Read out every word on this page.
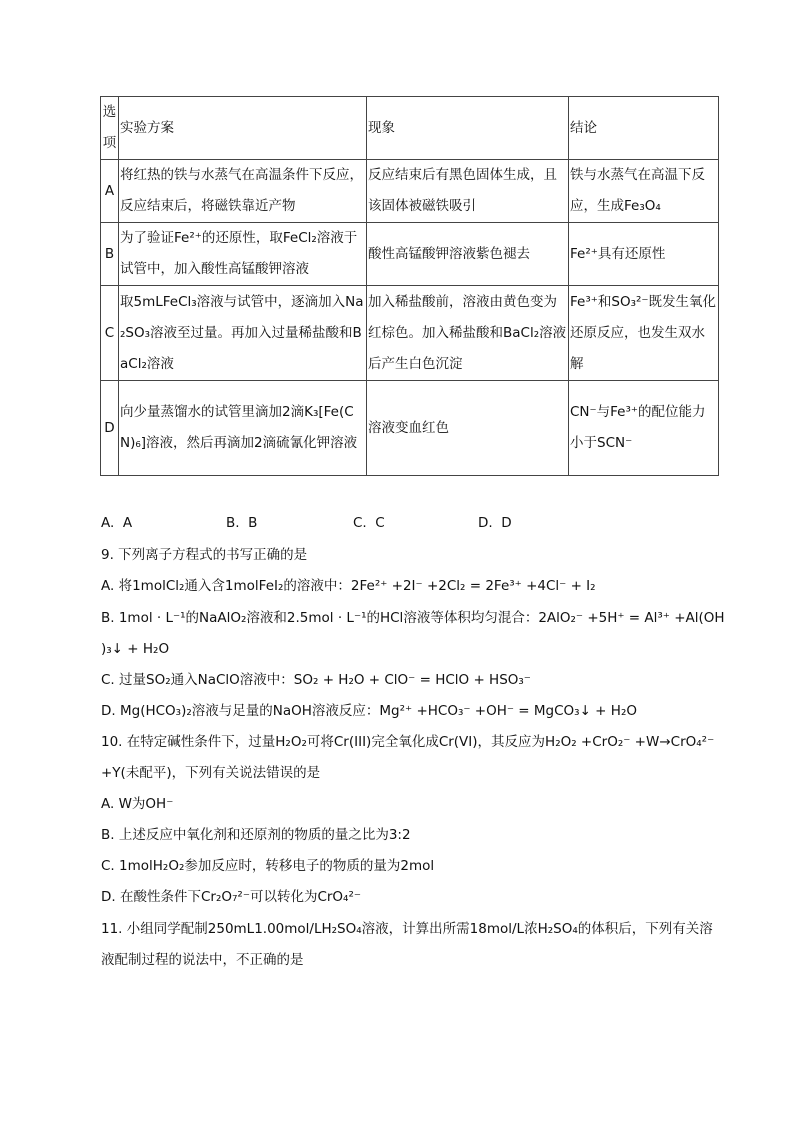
选项	实验方案	现象	结论
A	将红热的铁与水蒸气在高温条件下反应，反应结束后，将磁铁靠近产物	反应结束后有黑色固体生成，且该固体被磁铁吸引	铁与水蒸气在高温下反应，生成Fe₃O₄
B	为了验证Fe²⁺的还原性，取FeCl₂溶液于试管中，加入酸性高锰酸钾溶液	酸性高锰酸钾溶液紫色褪去	Fe²⁺具有还原性
C	取5mLFeCl₃溶液与试管中，逐滴加入Na₂SO₃溶液至过量。再加入过量稀盐酸和BaCl₂溶液	加入稀盐酸前，溶液由黄色变为红棕色。加入稀盐酸和BaCl₂溶液后产生白色沉淀	Fe³⁺和SO₃²⁻既发生氧化还原反应，也发生双水解
D	向少量蒸馏水的试管里滴加2滴K₃[Fe(CN)₆]溶液，然后再滴加2滴硫氰化钾溶液	溶液变血红色	CN⁻与Fe³⁺的配位能力小于SCN⁻
A.  A	B.  B	C.  C	D.  D
9. 下列离子方程式的书写正确的是
A. 将1molCl₂通入含1molFeI₂的溶液中：2Fe²⁺ +2I⁻ +2Cl₂ = 2Fe³⁺ +4Cl⁻ + I₂
B. 1mol · L⁻¹的NaAlO₂溶液和2.5mol · L⁻¹的HCl溶液等体积均匀混合：2AlO₂⁻ +5H⁺ = Al³⁺ +Al(OH
)₃↓ + H₂O
C. 过量SO₂通入NaClO溶液中：SO₂ + H₂O + ClO⁻ = HClO + HSO₃⁻
D. Mg(HCO₃)₂溶液与足量的NaOH溶液反应：Mg²⁺ +HCO₃⁻ +OH⁻ = MgCO₃↓ + H₂O
10. 在特定碱性条件下，过量H₂O₂可将Cr(III)完全氧化成Cr(VI)，其反应为H₂O₂ +CrO₂⁻ +W→CrO₄²⁻
+Y(未配平)，下列有关说法错误的是
A. W为OH⁻
B. 上述反应中氧化剂和还原剂的物质的量之比为3:2
C. 1molH₂O₂参加反应时，转移电子的物质的量为2mol
D. 在酸性条件下Cr₂O₇²⁻可以转化为CrO₄²⁻
11. 小组同学配制250mL1.00mol/LH₂SO₄溶液，计算出所需18mol/L浓H₂SO₄的体积后，下列有关溶
液配制过程的说法中，不正确的是
